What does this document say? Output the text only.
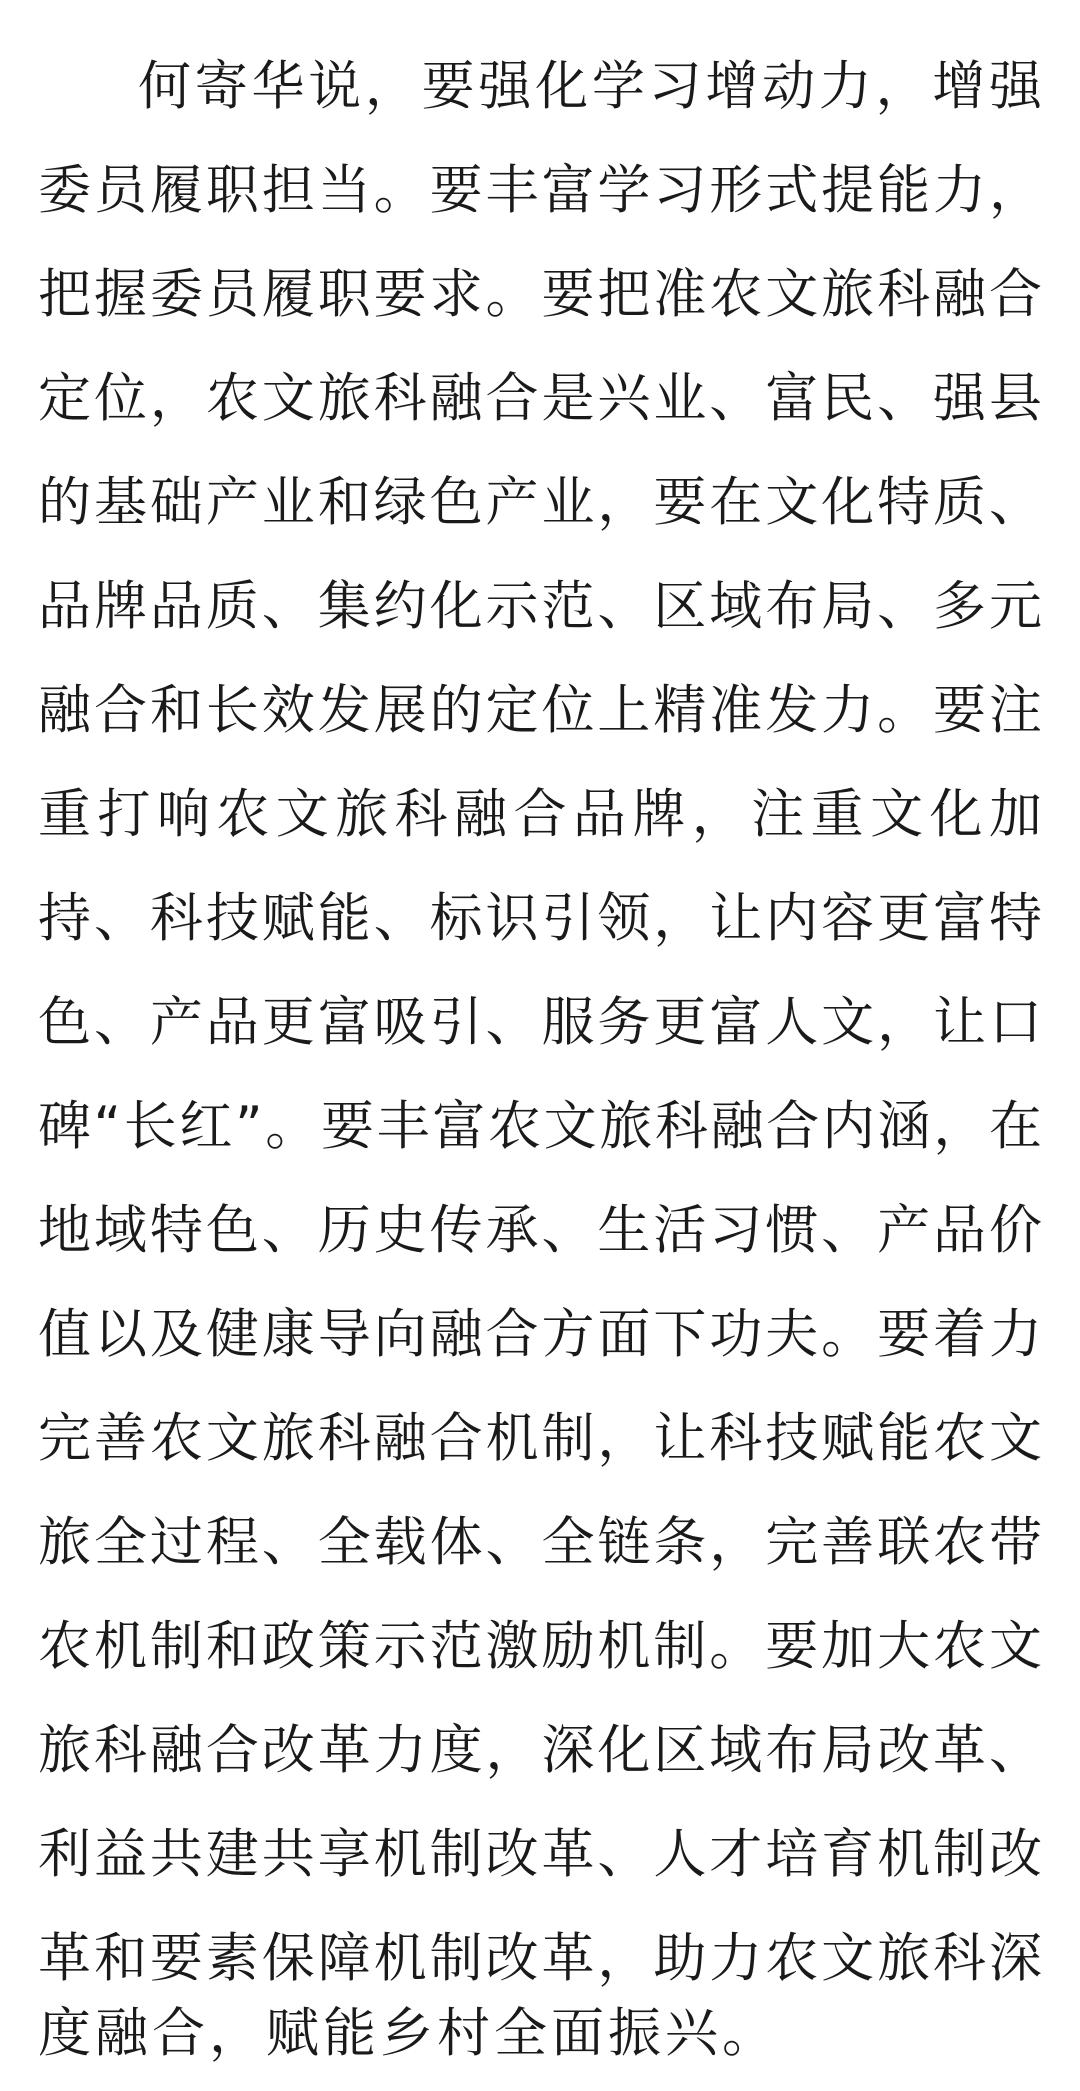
何寄华说，要强化学习增动力，增强
委员履职担当。要丰富学习形式提能力，
把握委员履职要求。要把准农文旅科融合
定位，农文旅科融合是兴业、富民、强县
的基础产业和绿色产业，要在文化特质、
品牌品质、集约化示范、区域布局、多元
融合和长效发展的定位上精准发力。要注
重打响农文旅科融合品牌，注重文化加
持、科技赋能、标识引领，让内容更富特
色、产品更富吸引、服务更富人文，让口
碑“长红”。要丰富农文旅科融合内涵，在
地域特色、历史传承、生活习惯、产品价
值以及健康导向融合方面下功夫。要着力
完善农文旅科融合机制，让科技赋能农文
旅全过程、全载体、全链条，完善联农带
农机制和政策示范激励机制。要加大农文
旅科融合改革力度，深化区域布局改革、
利益共建共享机制改革、人才培育机制改
革和要素保障机制改革，助力农文旅科深
度融合，赋能乡村全面振兴。
